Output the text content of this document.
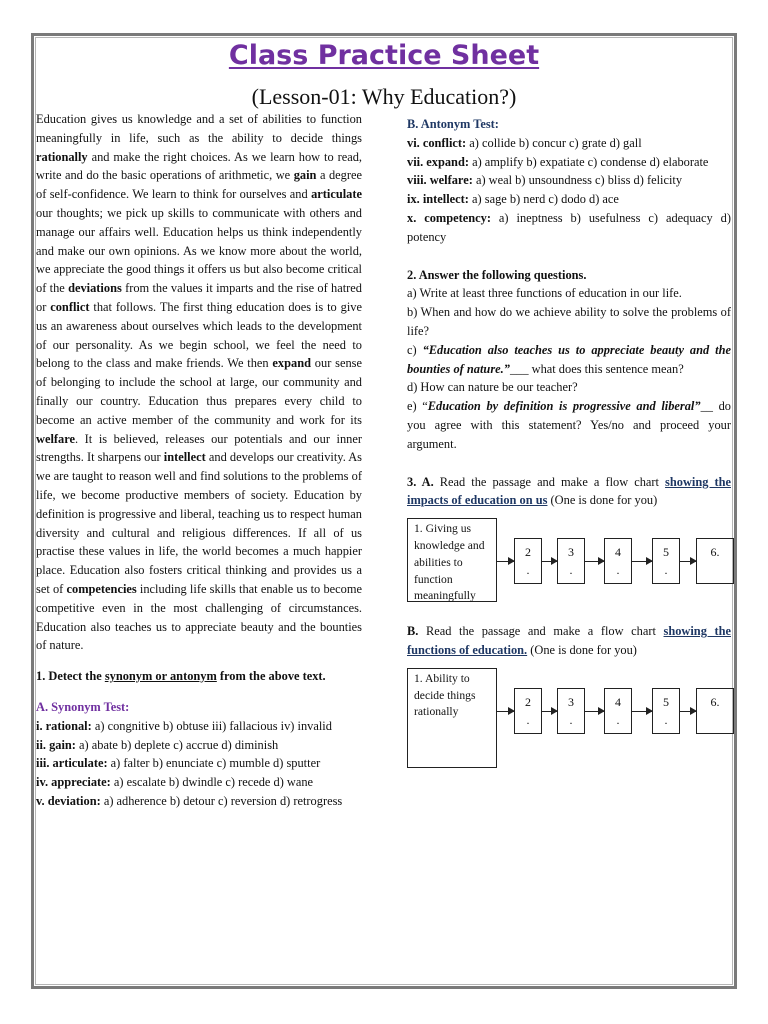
Class Practice Sheet
(Lesson-01: Why Education?)

Education gives us knowledge and a set of abilities to function meaningfully in life, such as the ability to decide things rationally and make the right choices. As we learn how to read, write and do the basic operations of arithmetic, we gain a degree of self-confidence. We learn to think for ourselves and articulate our thoughts; we pick up skills to communicate with others and manage our affairs well. Education helps us think independently and make our own opinions. As we know more about the world, we appreciate the good things it offers us but also become critical of the deviations from the values it imparts and the rise of hatred or conflict that follows. The first thing education does is to give us an awareness about ourselves which leads to the development of our personality. As we begin school, we feel the need to belong to the class and make friends. We then expand our sense of belonging to include the school at large, our community and finally our country. Education thus prepares every child to become an active member of the community and work for its welfare. It is believed, releases our potentials and our inner strengths. It sharpens our intellect and develops our creativity. As we are taught to reason well and find solutions to the problems of life, we become productive members of society. Education by definition is progressive and liberal, teaching us to respect human diversity and cultural and religious differences. If all of us practise these values in life, the world becomes a much happier place. Education also fosters critical thinking and provides us a set of competencies including life skills that enable us to become competitive even in the most challenging of circumstances. Education also teaches us to appreciate beauty and the bounties of nature.

1. Detect the synonym or antonym from the above text.

A. Synonym Test:

i. rational: a) congnitive b) obtuse iii) fallacious iv) invalid

ii. gain: a) abate b) deplete c) accrue d) diminish

iii. articulate: a) falter b) enunciate c) mumble d) sputter

iv. appreciate: a) escalate b) dwindle c) recede d) wane

v. deviation: a) adherence b) detour c) reversion d) retrogress

B. Antonym Test:

vi. conflict: a) collide b) concur c) grate d) gall

vii. expand: a) amplify b) expatiate c) condense d) elaborate

viii. welfare: a) weal b) unsoundness c) bliss d) felicity

ix. intellect: a) sage b) nerd c) dodo d) ace

x. competency: a) ineptness b) usefulness c) adequacy d) potency

2. Answer the following questions.

a) Write at least three functions of education in our life.

b) When and how do we achieve ability to solve the problems of life?

c) “Education also teaches us to appreciate beauty and the bounties of nature.”___ what does this sentence mean?

d) How can nature be our teacher?

e) “Education by definition is progressive and liberal”__ do you agree with this statement? Yes/no and proceed your argument.

3. A. Read the passage and make a flow chart showing the impacts of education on us (One is done for you)

1. Giving us knowledge and abilities to function meaningfully
2
.
3
.
4
.
5
.
6.

B. Read the passage and make a flow chart showing the functions of education. (One is done for you)

1. Ability to decide things rationally
2
.
3
.
4
.
5
.
6.
